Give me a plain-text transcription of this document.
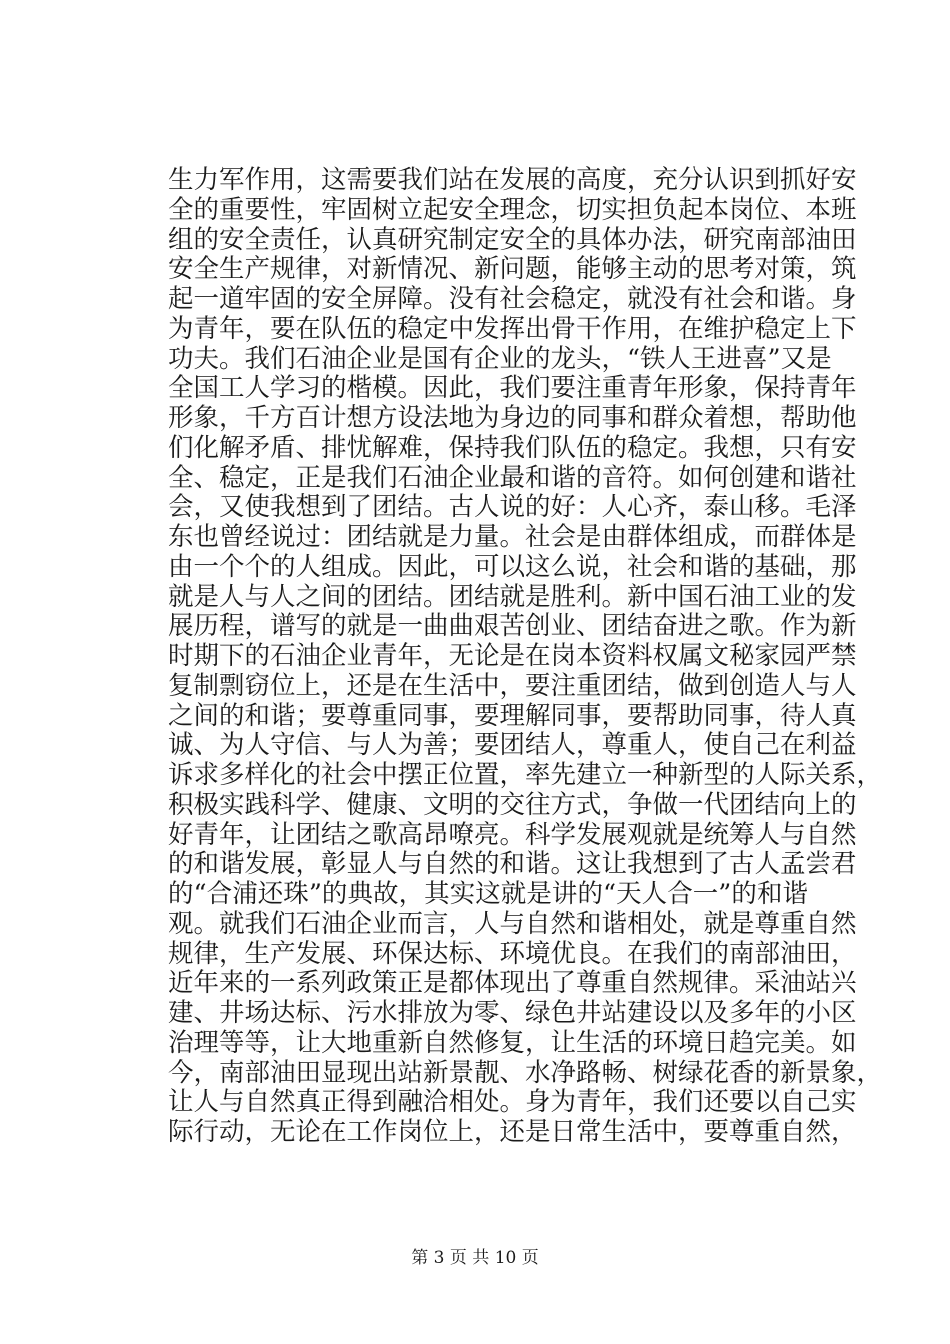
生力军作用，这需要我们站在发展的高度，充分认识到抓好安
全的重要性，牢固树立起安全理念，切实担负起本岗位、本班
组的安全责任，认真研究制定安全的具体办法，研究南部油田
安全生产规律，对新情况、新问题，能够主动的思考对策，筑
起一道牢固的安全屏障。没有社会稳定，就没有社会和谐。身
为青年，要在队伍的稳定中发挥出骨干作用，在维护稳定上下
功夫。我们石油企业是国有企业的龙头，“铁人王进喜”又是
全国工人学习的楷模。因此，我们要注重青年形象，保持青年
形象，千方百计想方设法地为身边的同事和群众着想，帮助他
们化解矛盾、排忧解难，保持我们队伍的稳定。我想，只有安
全、稳定，正是我们石油企业最和谐的音符。如何创建和谐社
会，又使我想到了团结。古人说的好：人心齐，泰山移。毛泽
东也曾经说过：团结就是力量。社会是由群体组成，而群体是
由一个个的人组成。因此，可以这么说，社会和谐的基础，那
就是人与人之间的团结。团结就是胜利。新中国石油工业的发
展历程，谱写的就是一曲曲艰苦创业、团结奋进之歌。作为新
时期下的石油企业青年，无论是在岗本资料权属文秘家园严禁
复制剽窃位上，还是在生活中，要注重团结，做到创造人与人
之间的和谐；要尊重同事，要理解同事，要帮助同事，待人真
诚、为人守信、与人为善；要团结人，尊重人，使自己在利益
诉求多样化的社会中摆正位置，率先建立一种新型的人际关系，
积极实践科学、健康、文明的交往方式，争做一代团结向上的
好青年，让团结之歌高昂嘹亮。科学发展观就是统筹人与自然
的和谐发展，彰显人与自然的和谐。这让我想到了古人孟尝君
的“合浦还珠”的典故，其实这就是讲的“天人合一”的和谐
观。就我们石油企业而言，人与自然和谐相处，就是尊重自然
规律，生产发展、环保达标、环境优良。在我们的南部油田，
近年来的一系列政策正是都体现出了尊重自然规律。采油站兴
建、井场达标、污水排放为零、绿色井站建设以及多年的小区
治理等等，让大地重新自然修复，让生活的环境日趋完美。如
今，南部油田显现出站新景靓、水净路畅、树绿花香的新景象，
让人与自然真正得到融洽相处。身为青年，我们还要以自己实
际行动，无论在工作岗位上，还是日常生活中，要尊重自然，
第 3 页 共 10 页
